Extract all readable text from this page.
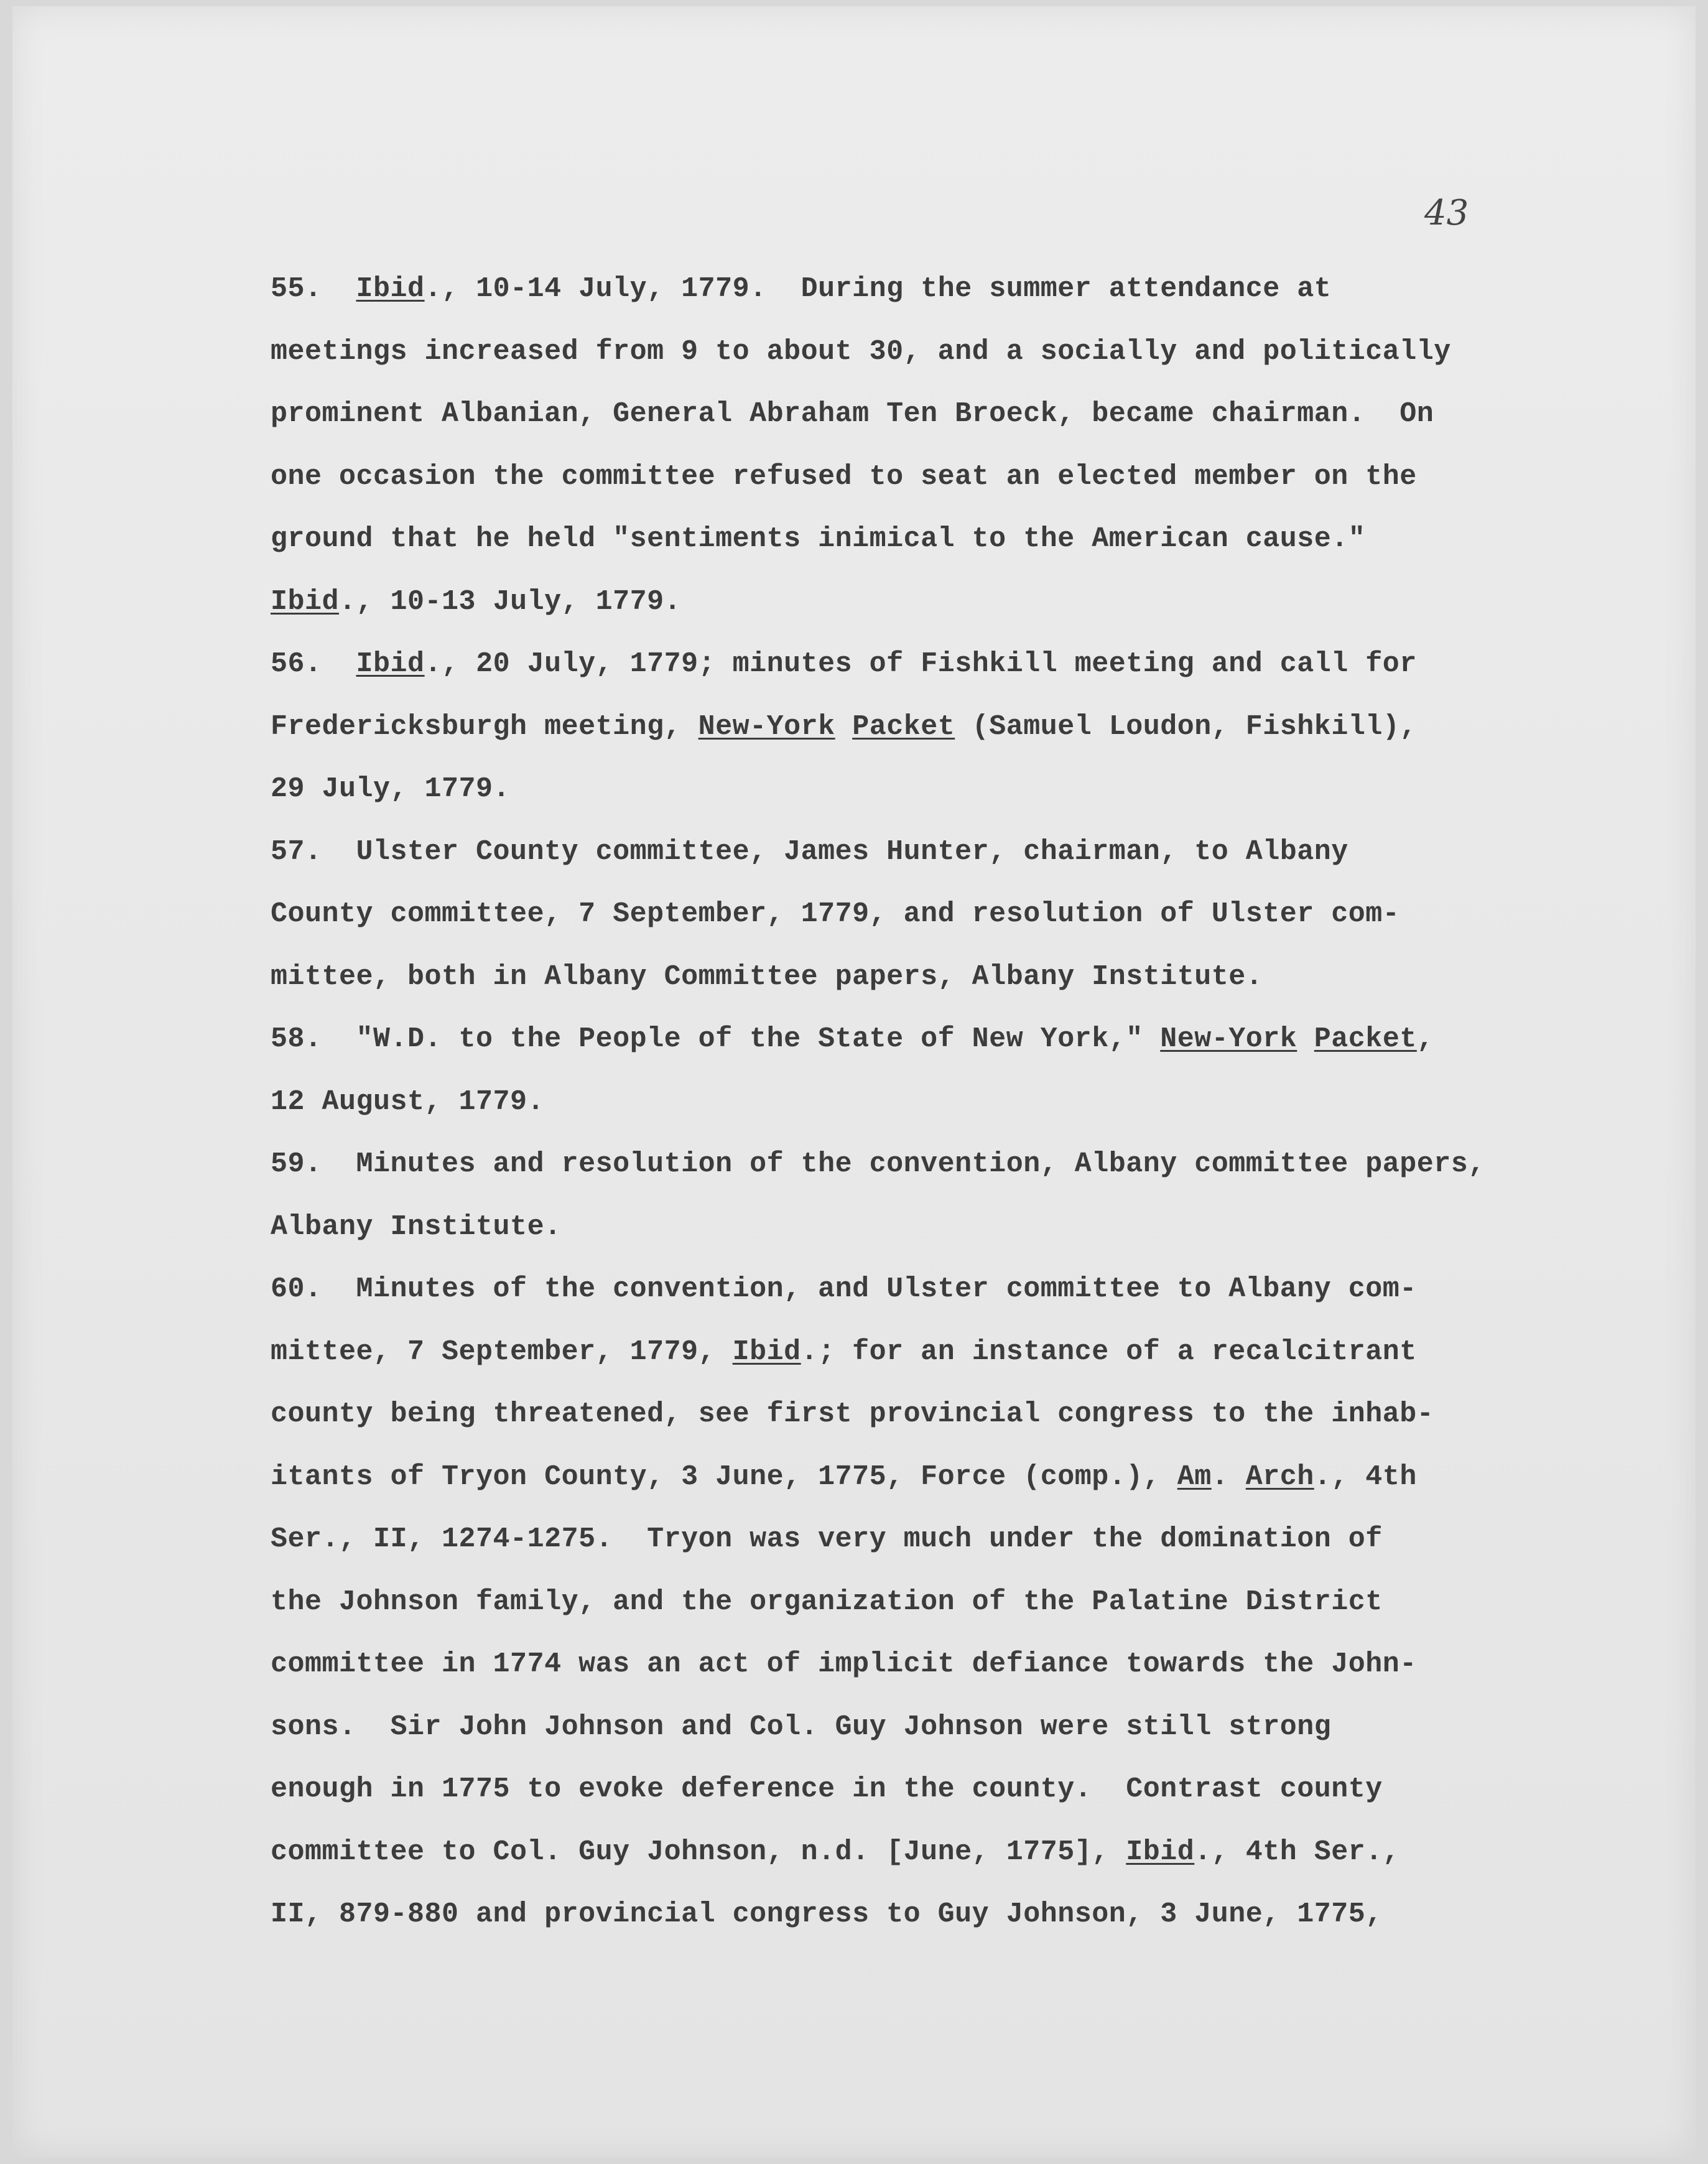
43

55.  Ibid., 10-14 July, 1779.  During the summer attendance at

meetings increased from 9 to about 30, and a socially and politically

prominent Albanian, General Abraham Ten Broeck, became chairman.  On

one occasion the committee refused to seat an elected member on the

ground that he held "sentiments inimical to the American cause."

Ibid., 10-13 July, 1779.

56.  Ibid., 20 July, 1779; minutes of Fishkill meeting and call for

Fredericksburgh meeting, New-York Packet (Samuel Loudon, Fishkill),

29 July, 1779.

57.  Ulster County committee, James Hunter, chairman, to Albany

County committee, 7 September, 1779, and resolution of Ulster com-

mittee, both in Albany Committee papers, Albany Institute.

58.  "W.D. to the People of the State of New York," New-York Packet,

12 August, 1779.

59.  Minutes and resolution of the convention, Albany committee papers,

Albany Institute.

60.  Minutes of the convention, and Ulster committee to Albany com-

mittee, 7 September, 1779, Ibid.; for an instance of a recalcitrant

county being threatened, see first provincial congress to the inhab-

itants of Tryon County, 3 June, 1775, Force (comp.), Am. Arch., 4th

Ser., II, 1274-1275.  Tryon was very much under the domination of

the Johnson family, and the organization of the Palatine District

committee in 1774 was an act of implicit defiance towards the John-

sons.  Sir John Johnson and Col. Guy Johnson were still strong

enough in 1775 to evoke deference in the county.  Contrast county

committee to Col. Guy Johnson, n.d. [June, 1775], Ibid., 4th Ser.,

II, 879-880 and provincial congress to Guy Johnson, 3 June, 1775,
